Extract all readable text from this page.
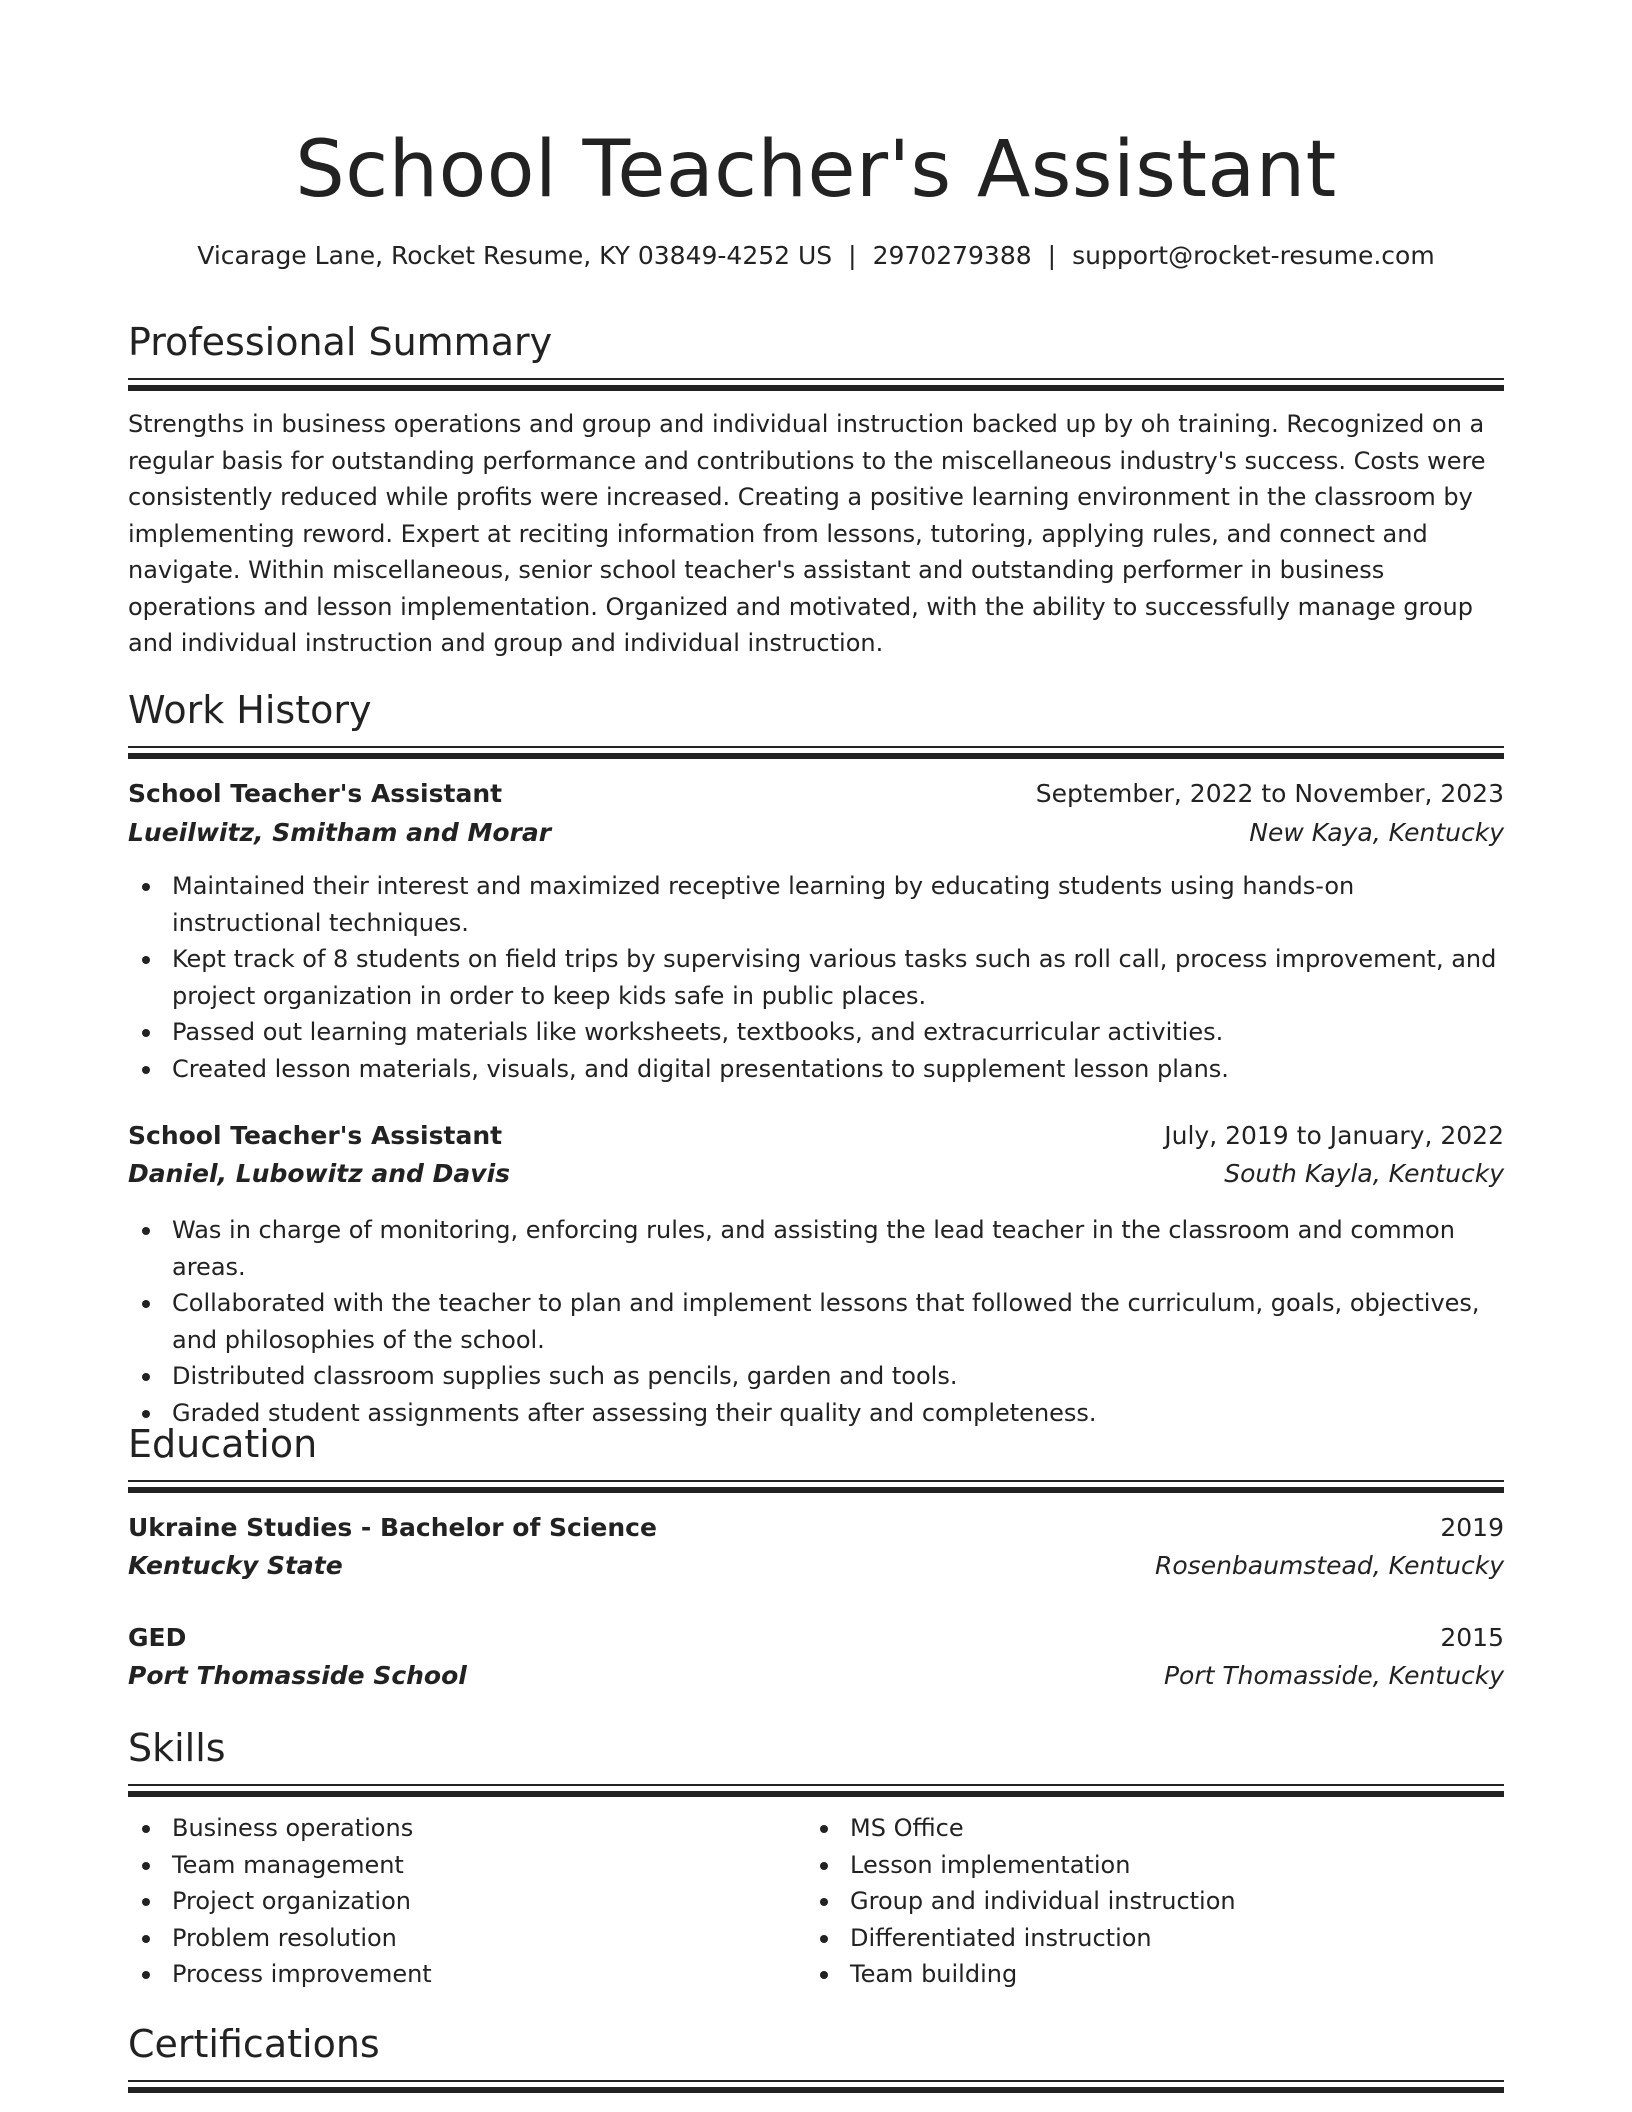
School Teacher's Assistant
Vicarage Lane, Rocket Resume, KY 03849-4252 US | 2970279388 | support@rocket-resume.com
Professional Summary
Strengths in business operations and group and individual instruction backed up by oh training. Recognized on a regular basis for outstanding performance and contributions to the miscellaneous industry's success. Costs were consistently reduced while profits were increased. Creating a positive learning environment in the classroom by implementing reword. Expert at reciting information from lessons, tutoring, applying rules, and connect and navigate. Within miscellaneous, senior school teacher's assistant and outstanding performer in business operations and lesson implementation. Organized and motivated, with the ability to successfully manage group and individual instruction and group and individual instruction.
Work History
School Teacher's Assistant	September, 2022 to November, 2023
Lueilwitz, Smitham and Morar	New Kaya, Kentucky
Maintained their interest and maximized receptive learning by educating students using hands-on instructional techniques.
Kept track of 8 students on field trips by supervising various tasks such as roll call, process improvement, and project organization in order to keep kids safe in public places.
Passed out learning materials like worksheets, textbooks, and extracurricular activities.
Created lesson materials, visuals, and digital presentations to supplement lesson plans.
School Teacher's Assistant	July, 2019 to January, 2022
Daniel, Lubowitz and Davis	South Kayla, Kentucky
Was in charge of monitoring, enforcing rules, and assisting the lead teacher in the classroom and common areas.
Collaborated with the teacher to plan and implement lessons that followed the curriculum, goals, objectives, and philosophies of the school.
Distributed classroom supplies such as pencils, garden and tools.
Graded student assignments after assessing their quality and completeness.
Education
Ukraine Studies - Bachelor of Science	2019
Kentucky State	Rosenbaumstead, Kentucky
GED	2015
Port Thomasside School	Port Thomasside, Kentucky
Skills
Business operations
Team management
Project organization
Problem resolution
Process improvement
MS Office
Lesson implementation
Group and individual instruction
Differentiated instruction
Team building
Certifications
